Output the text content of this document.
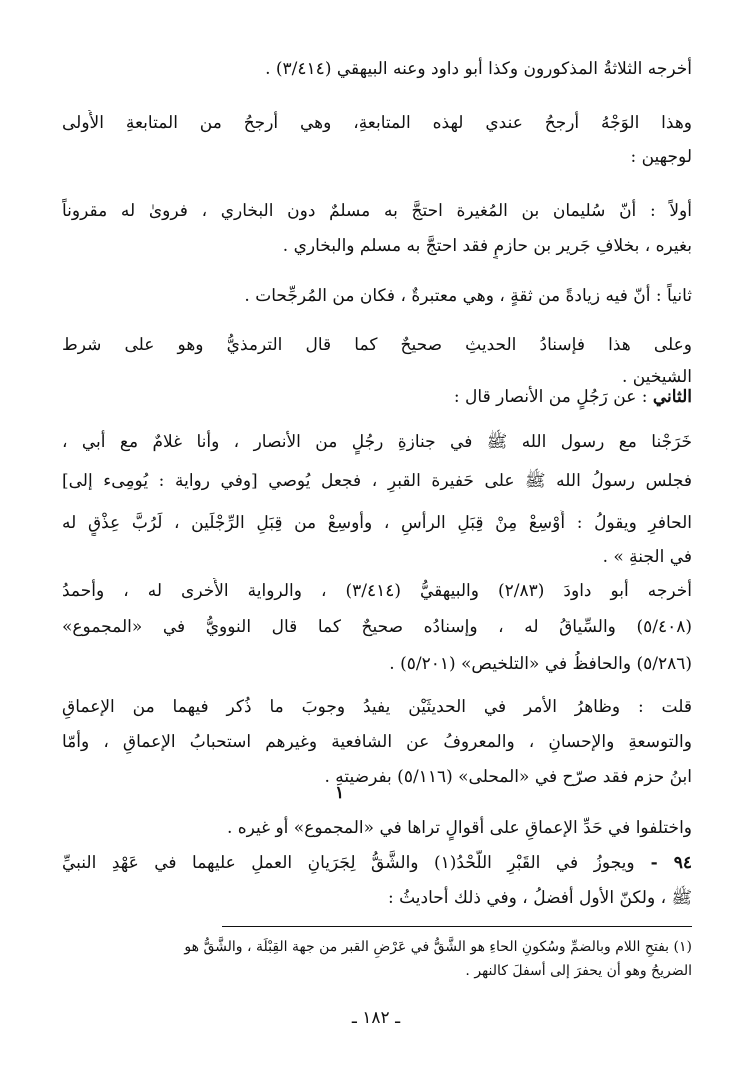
أخرجه الثلاثةُ المذكورون وكذا أبو داود وعنه البيهقي (٣/٤١٤) .
وهذا الوَجْهُ أرجحُ عندي لهذه المتابعةِ، وهي أرجحُ من المتابعةِ الأُولى
لوجهين :
أولاً : أنّ سُليمان بن المُغيرة احتجَّ به مسلمٌ دون البخاري ، فروىٰ له مقروناً
بغيره ، بخلافِ جَرير بن حازمٍ فقد احتجَّ به مسلم والبخاري .
ثانياً : أنّ فيه زيادةً من ثقةٍ ، وهي معتبرةٌ ، فكان من المُرجِّحات .
وعلى هذا فإسنادُ الحديثِ صحيحٌ كما قال الترمذيُّ وهو على شرط
الشيخين .
الثاني : عن رَجُلٍ من الأنصار قال :
خَرَجْنا مع رسول الله ﷺ في جنازةِ رجُلٍ من الأنصار ، وأنا غلامٌ مع أبي ،
فجلس رسولُ الله ﷺ على حَفيرة القبرِ ، فجعل يُوصي [وفي رواية : يُومِىء إلى]
الحافرِ ويقولُ : أَوْسِعْ مِنْ قِبَلِ الرأسِ ، وأوسِعْ من قِبَلِ الرِّجْلَين ، لَرُبَّ عِذْقٍ له
في الجنةِ » .
أخرجه أبو داودَ (٢/٨٣) والبيهقيُّ (٣/٤١٤) ، والرواية الأُخرى له ، وأحمدُ
(٥/٤٠٨) والسِّياقُ له ، وإسنادُه صحيحٌ كما قال النوويُّ في «المجموع»
(٥/٢٨٦) والحافظُ في «التلخيص» (٥/٢٠١) .
قلت : وظاهرُ الأمر في الحديثَيْن يفيدُ وجوبَ ما ذُكر فيهما من الإعماقِ
والتوسعةِ والإحسانِ ، والمعروفُ عن الشافعية وغيرهم استحبابُ الإعماقِ ، وأمّا
ابنُ حزم فقد صرّح في «المحلى» (٥/١١٦) بفرضيتهِ .
١
واختلفوا في حَدِّ الإعماقِ على أقوالٍ تراها في «المجموع» أو غيره .
٩٤ - ويجوزُ في القَبْرِ اللَّحْدُ(١) والشَّقُّ لِجَرَيانِ العملِ عليهما في عَهْدِ النبيِّ
ﷺ ، ولكنّ الأول أفضلُ ، وفي ذلك أحاديثُ :
(١) بفتحِ اللام وبالضمِّ وسُكونِ الحاءِ هو الشَّقُّ في عَرْضِ القبر من جهة القِبْلَة ، والشَّقُّ هو
الضريحُ وهو أن يحفرَ إلى أسفلَ كالنهر .
ـ ١٨٢ ـ
